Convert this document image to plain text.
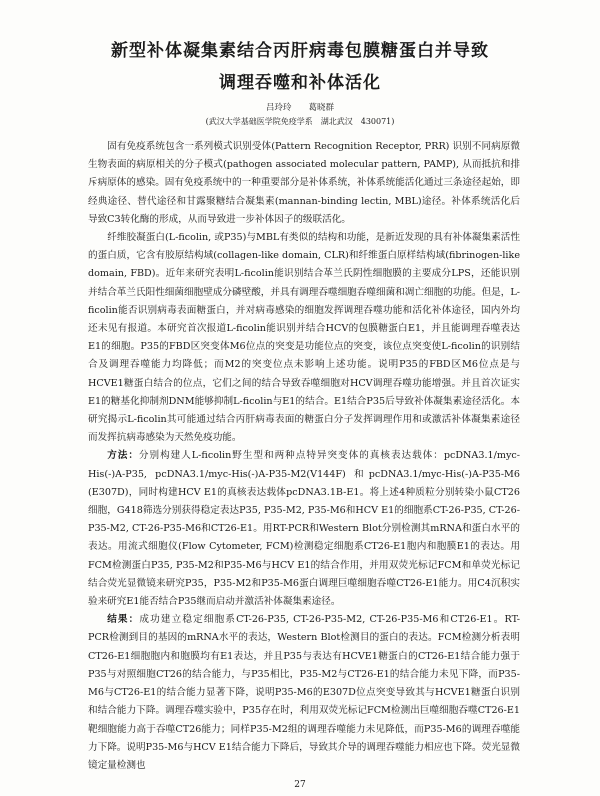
新型补体凝集素结合丙肝病毒包膜糖蛋白并导致
调理吞噬和补体活化
吕玲玲　　葛晓群
(武汉大学基础医学院免疫学系　湖北武汉　430071)

固有免疫系统包含一系列模式识别受体(Pattern Recognition Receptor, PRR) 识别不同病原微生物表面的病原相关的分子模式(pathogen associated molecular pattern, PAMP), 从而抵抗和排斥病原体的感染。固有免疫系统中的一种重要部分是补体系统，补体系统能活化通过三条途径起始，即经典途径、替代途径和甘露聚糖结合凝集素(mannan-binding lectin, MBL)途径。补体系统活化后导致C3转化酶的形成，从而导致进一步补体因子的级联活化。

纤维胶凝蛋白(L-ficolin, 或P35)与MBL有类似的结构和功能，是新近发现的具有补体凝集素活性的蛋白质，它含有胶原结构域(collagen-like domain, CLR)和纤维蛋白原样结构域(fibrinogen-like domain, FBD)。近年来研究表明L-ficolin能识别结合革兰氏阴性细胞膜的主要成分LPS，还能识别并结合革兰氏阳性细菌细胞壁成分磷壁酸，并具有调理吞噬细胞吞噬细菌和凋亡细胞的功能。但是，L-ficolin能否识别病毒表面糖蛋白，并对病毒感染的细胞发挥调理吞噬功能和活化补体途径，国内外均还未见有报道。本研究首次报道L-ficolin能识别并结合HCV的包膜糖蛋白E1，并且能调理吞噬表达E1的细胞。P35的FBD区突变体M6位点的突变是功能位点的突变，该位点突变使L-ficolin的识别结合及调理吞噬能力均降低；而M2的突变位点未影响上述功能。说明P35的FBD区M6位点是与HCVE1糖蛋白结合的位点，它们之间的结合导致吞噬细胞对HCV调理吞噬功能增强。并且首次证实E1的糖基化抑制剂DNM能够抑制L-ficolin与E1的结合。E1结合P35后导致补体凝集素途径活化。本研究揭示L-ficolin其可能通过结合丙肝病毒表面的糖蛋白分子发挥调理作用和或激活补体凝集素途径而发挥抗病毒感染为天然免疫功能。

方法：分别构建人L-ficolin野生型和两种点特异突变体的真核表达载体：pcDNA3.1/myc-His(-)A-P35, pcDNA3.1/myc-His(-)A-P35-M2(V144F) 和pcDNA3.1/myc-His(-)A-P35-M6 (E307D)，同时构建HCV E1的真核表达载体pcDNA3.1B-E1。将上述4种质粒分别转染小鼠CT26细胞，G418筛选分别获得稳定表达P35, P35-M2, P35-M6和HCV E1的细胞系CT-26-P35, CT-26-P35-M2, CT-26-P35-M6和CT26-E1。用RT-PCR和Western Blot分别检测其mRNA和蛋白水平的表达。用流式细胞仪(Flow Cytometer, FCM)检测稳定细胞系CT26-E1胞内和胞膜E1的表达。用FCM检测蛋白P35, P35-M2和P35-M6与HCV E1的结合作用，并用双荧光标记FCM和单荧光标记结合荧光显微镜来研究P35，P35-M2和P35-M6蛋白调理巨噬细胞吞噬CT26-E1能力。用C4沉积实验来研究E1能否结合P35继而启动并激活补体凝集素途径。

结果：成功建立稳定细胞系CT-26-P35, CT-26-P35-M2, CT-26-P35-M6和CT26-E1。RT-PCR检测到目的基因的mRNA水平的表达，Western Blot检测目的蛋白的表达。FCM检测分析表明CT26-E1细胞胞内和胞膜均有E1表达，并且P35与表达有HCVE1糖蛋白的CT26-E1结合能力强于P35与对照细胞CT26的结合能力，与P35相比，P35-M2与CT26-E1的结合能力未见下降，而P35-M6与CT26-E1的结合能力显著下降，说明P35-M6的E307D位点突变导致其与HCVE1糖蛋白识别和结合能力下降。调理吞噬实验中，P35存在时，利用双荧光标记FCM检测出巨噬细胞吞噬CT26-E1靶细胞能力高于吞噬CT26能力；同样P35-M2组的调理吞噬能力未见降低，而P35-M6的调理吞噬能力下降。说明P35-M6与HCV E1结合能力下降后，导致其介导的调理吞噬能力相应也下降。荧光显微镜定量检测也

27
